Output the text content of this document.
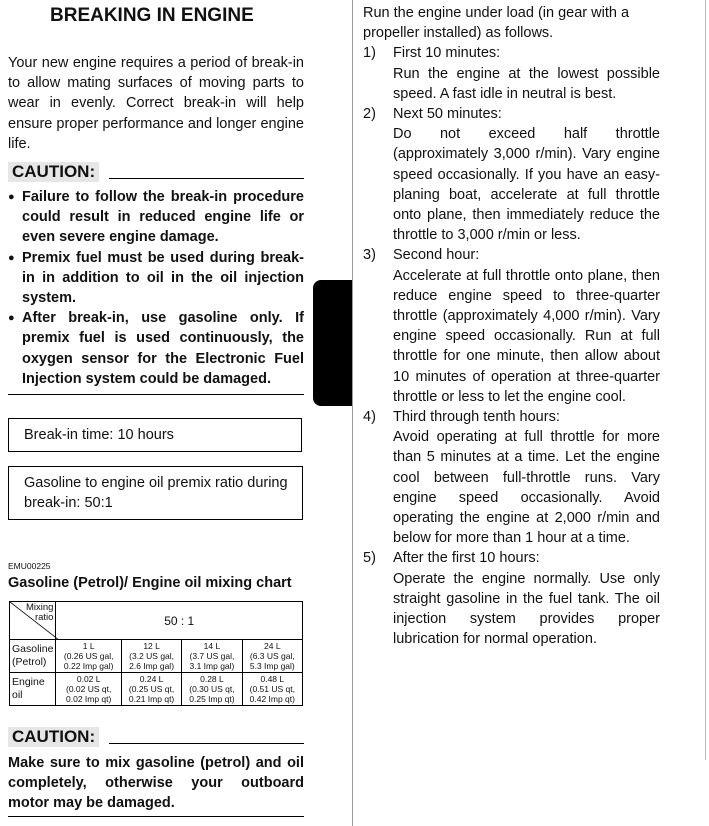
BREAKING IN ENGINE

Your new engine requires a period of break-in to allow mating surfaces of moving parts to wear in evenly. Correct break-in will help ensure proper performance and longer engine life.

CAUTION:

● Failure to follow the break-in procedure could result in reduced engine life or even severe engine damage.

● Premix fuel must be used during break-in in addition to oil in the oil injection system.

● After break-in, use gasoline only. If premix fuel is used continuously, the oxygen sensor for the Electronic Fuel Injection system could be damaged.

Break-in time: 10 hours
Gasoline to engine oil premix ratio during break-in: 50:1
EMU00225
Gasoline (Petrol)/ Engine oil mixing chart
Mixing
ratio	50 : 1			
Gasoline (Petrol)	1 L
(0.26 US gal,
0.22 Imp gal)	12 L
(3.2 US gal,
2.6 Imp gal)	14 L
(3.7 US gal,
3.1 Imp gal)	24 L
(6.3 US gal,
5.3 Imp gal)
Engine oil	0.02 L
(0.02 US qt,
0.02 Imp qt)	0.24 L
(0.25 US qt,
0.21 Imp qt)	0.28 L
(0.30 US qt,
0.25 Imp qt)	0.48 L
(0.51 US qt,
0.42 Imp qt)
CAUTION:

Make sure to mix gasoline (petrol) and oil completely, otherwise your outboard motor may be damaged.

Run the engine under load (in gear with a propeller installed) as follows.

1)	First 10 minutes:

Run the engine at the lowest possible speed. A fast idle in neutral is best.

2)	Next 50 minutes:

Do not exceed half throttle (approximately 3,000 r/min). Vary engine speed occasionally. If you have an easy-planing boat, accelerate at full throttle onto plane, then immediately reduce the throttle to 3,000 r/min or less.

3)	Second hour:

Accelerate at full throttle onto plane, then reduce engine speed to three-quarter throttle (approximately 4,000 r/min). Vary engine speed occasionally. Run at full throttle for one minute, then allow about 10 minutes of operation at three-quarter throttle or less to let the engine cool.

4)	Third through tenth hours:

Avoid operating at full throttle for more than 5 minutes at a time. Let the engine cool between full-throttle runs. Vary engine speed occasionally. Avoid operating the engine at 2,000 r/min and below for more than 1 hour at a time.

5)	After the first 10 hours:

Operate the engine normally. Use only straight gasoline in the fuel tank. The oil injection system provides proper lubrication for normal operation.
